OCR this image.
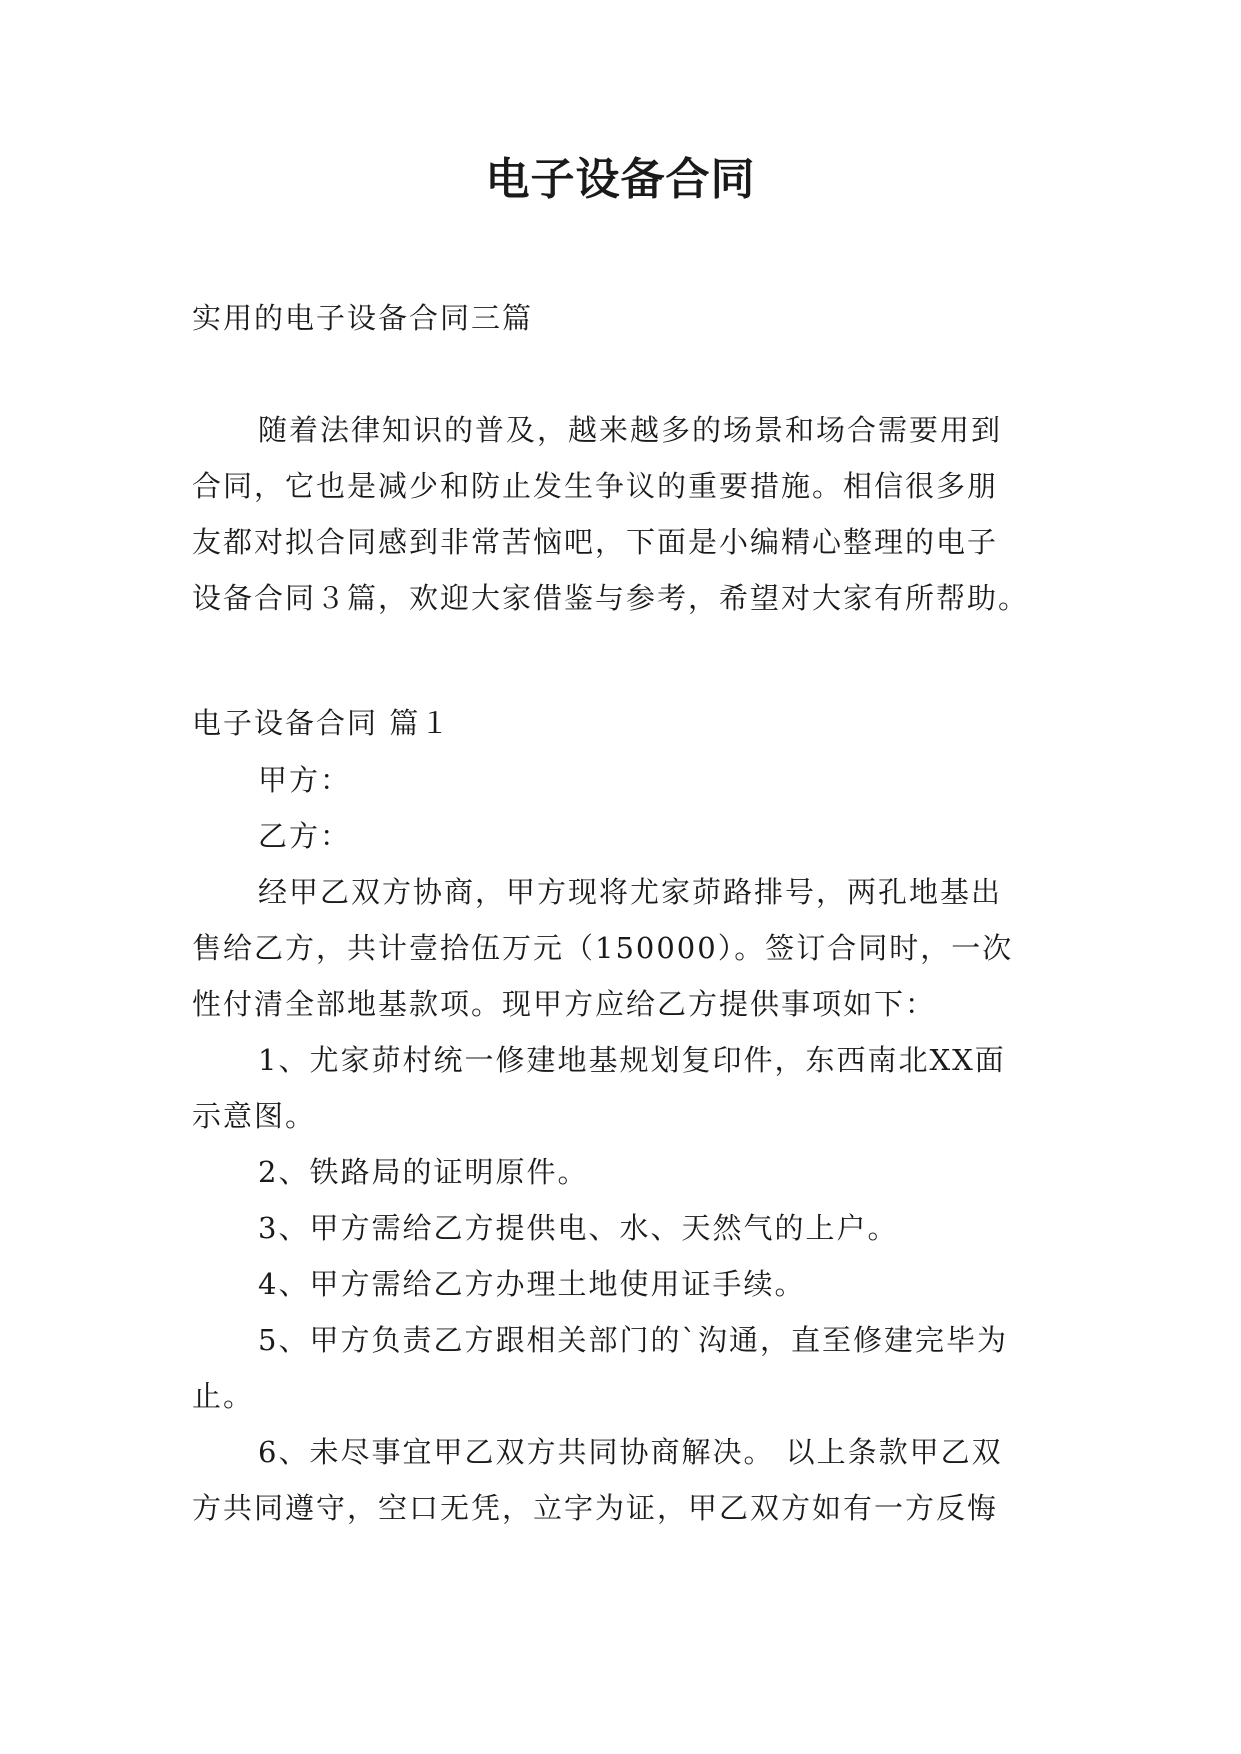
电子设备合同
实用的电子设备合同三篇
随着法律知识的普及，越来越多的场景和场合需要用到
合同，它也是减少和防止发生争议的重要措施。相信很多朋
友都对拟合同感到非常苦恼吧，下面是小编精心整理的电子
设备合同３篇，欢迎大家借鉴与参考，希望对大家有所帮助。
电子设备合同 篇１
甲方：
乙方：
经甲乙双方协商，甲方现将尤家茆路排号，两孔地基出
售给乙方，共计壹拾伍万元（150000）。签订合同时，一次
性付清全部地基款项。现甲方应给乙方提供事项如下：
1、尤家茆村统一修建地基规划复印件，东西南北XX面
示意图。
2、铁路局的证明原件。
3、甲方需给乙方提供电、水、天然气的上户。
4、甲方需给乙方办理土地使用证手续。
5、甲方负责乙方跟相关部门的`沟通，直至修建完毕为
止。
6、未尽事宜甲乙双方共同协商解决。 以上条款甲乙双
方共同遵守，空口无凭，立字为证，甲乙双方如有一方反悔
